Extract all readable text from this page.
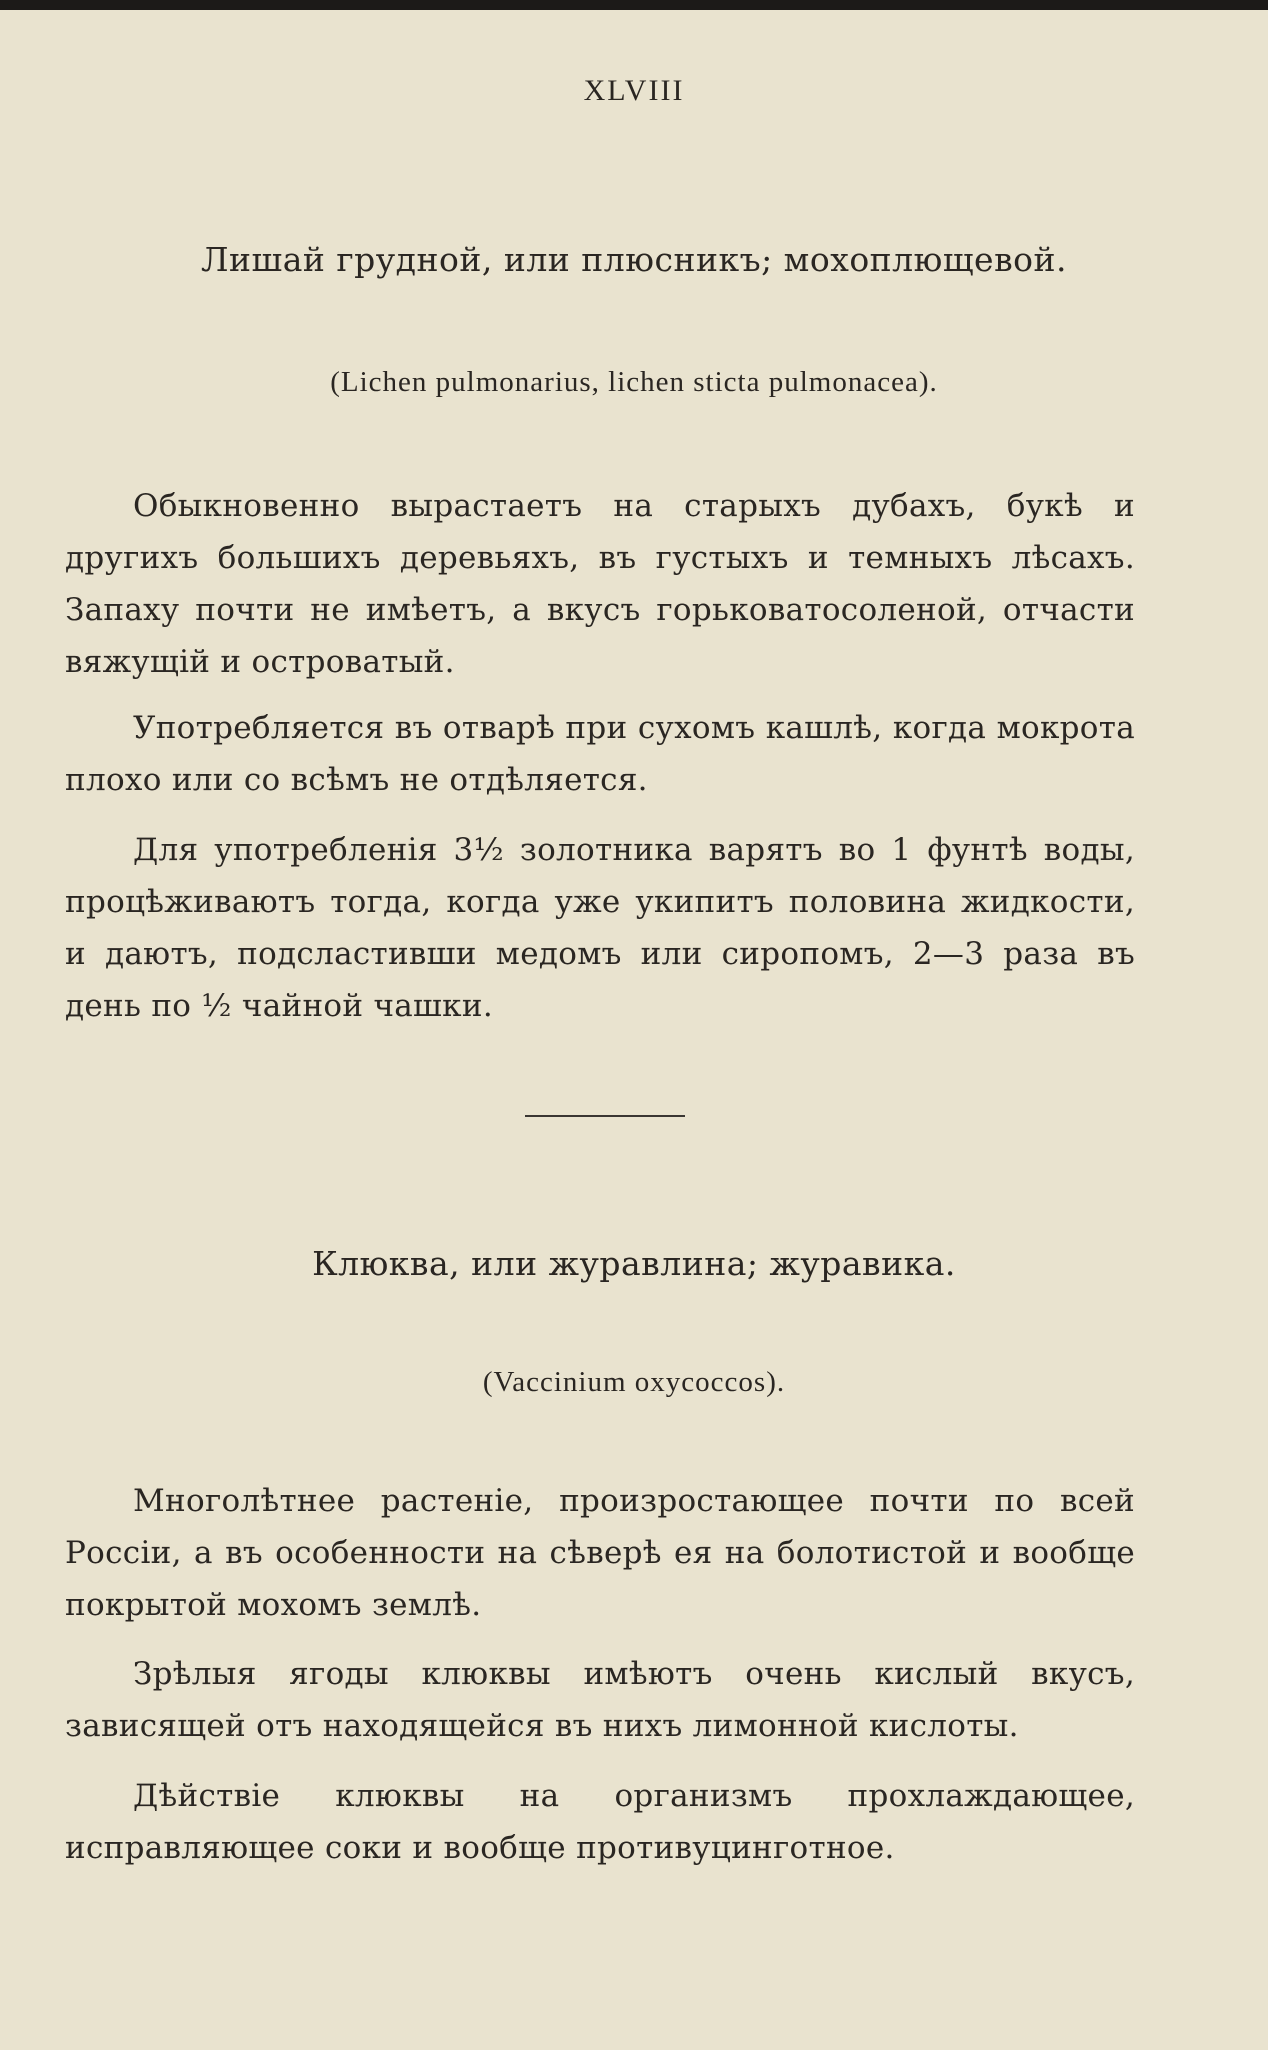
XLVIII
Лишай грудной, или плюсникъ; мохоплющевой.
(Lichen pulmonarius, lichen sticta pulmonacea).
Обыкновенно вырастаетъ на старыхъ дубахъ, букѣ и другихъ большихъ деревьяхъ, въ густыхъ и темныхъ лѣсахъ. Запаху почти не имѣетъ, а вкусъ горьковатосоленой, отчасти вяжущій и островатый.
Употребляется въ отварѣ при сухомъ кашлѣ, когда мокрота плохо или со всѣмъ не отдѣляется.
Для употребленія 3½ золотника варятъ во 1 фунтѣ воды, процѣживаютъ тогда, когда уже укипитъ половина жидкости, и даютъ, подсластивши медомъ или сиропомъ, 2—3 раза въ день по ½ чайной чашки.
Клюква, или журавлина; журавика.
(Vaccinium oxycoccos).
Многолѣтнее растеніе, произростающее почти по всей Россіи, а въ особенности на сѣверѣ ея на болотистой и вообще покрытой мохомъ землѣ.
Зрѣлыя ягоды клюквы имѣютъ очень кислый вкусъ, зависящей отъ находящейся въ нихъ лимонной кислоты.
Дѣйствіе клюквы на организмъ прохлаждающее, исправляющее соки и вообще противуцинготное.
